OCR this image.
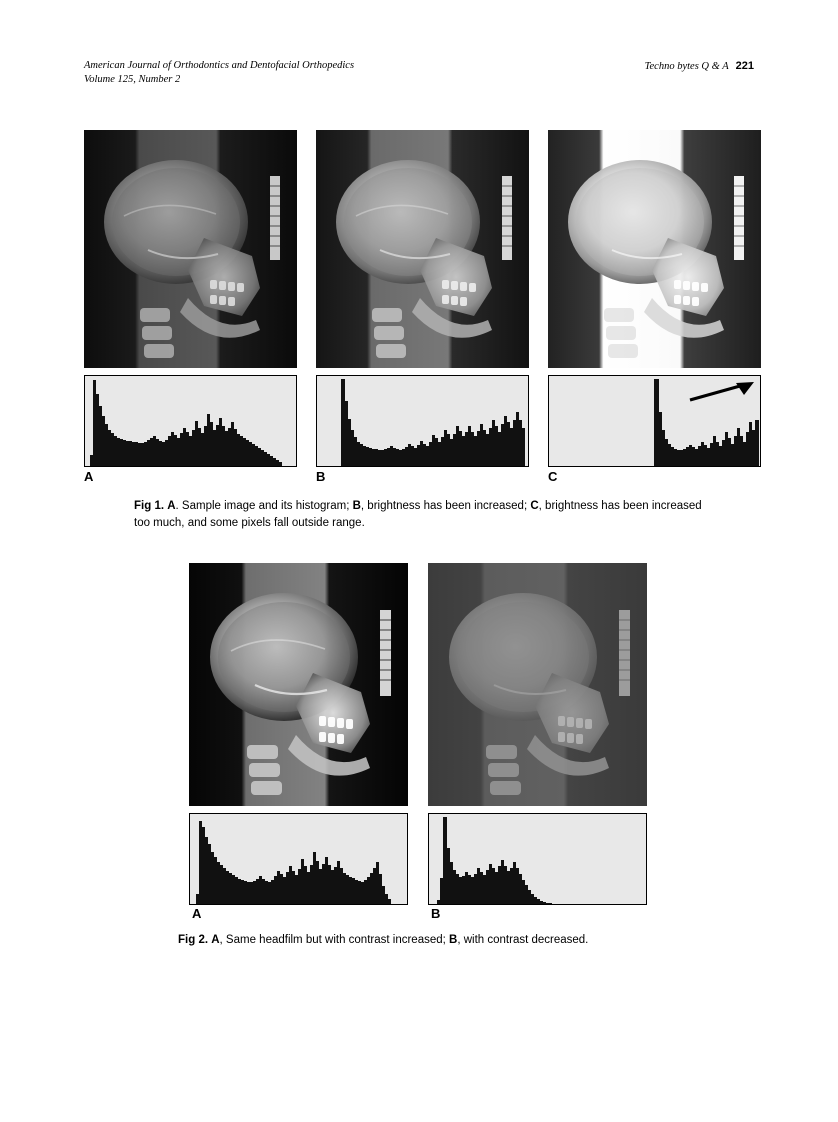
American Journal of Orthodontics and Dentofacial Orthopedics
Volume 125, Number 2
Techno bytes Q & A 221
A	B	C
Fig 1. A. Sample image and its histogram; B, brightness has been increased; C, brightness has been increased too much, and some pixels fall outside range.
A	B
Fig 2. A, Same headfilm but with contrast increased; B, with contrast decreased.
